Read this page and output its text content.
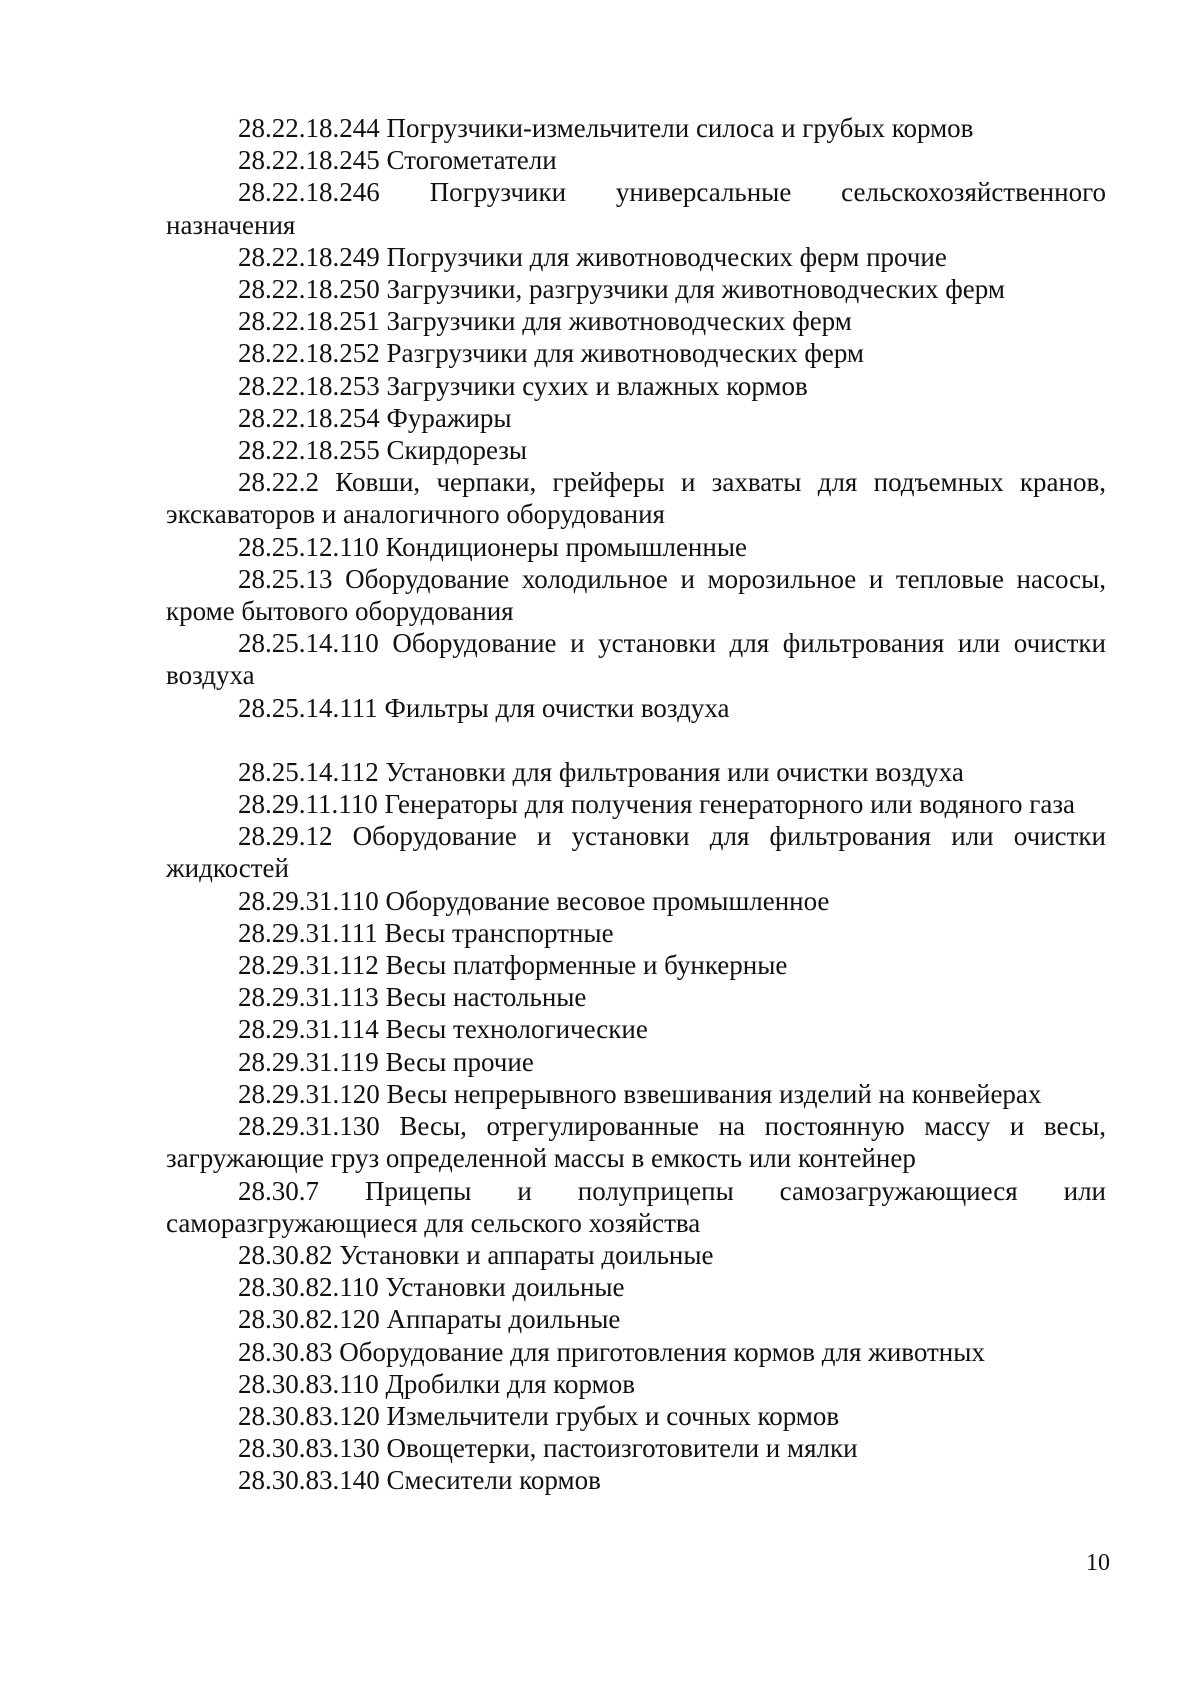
28.22.18.244 Погрузчики-измельчители силоса и грубых кормов

28.22.18.245 Стогометатели

28.22.18.246 Погрузчики универсальные сельскохозяйственного назначения

28.22.18.249 Погрузчики для животноводческих ферм прочие

28.22.18.250 Загрузчики, разгрузчики для животноводческих ферм

28.22.18.251 Загрузчики для животноводческих ферм

28.22.18.252 Разгрузчики для животноводческих ферм

28.22.18.253 Загрузчики сухих и влажных кормов

28.22.18.254 Фуражиры

28.22.18.255 Скирдорезы

28.22.2 Ковши, черпаки, грейферы и захваты для подъемных кранов, экскаваторов и аналогичного оборудования

28.25.12.110 Кондиционеры промышленные

28.25.13 Оборудование холодильное и морозильное и тепловые насосы, кроме бытового оборудования

28.25.14.110 Оборудование и установки для фильтрования или очистки воздуха

28.25.14.111 Фильтры для очистки воздуха

28.25.14.112 Установки для фильтрования или очистки воздуха

28.29.11.110 Генераторы для получения генераторного или водяного газа

28.29.12 Оборудование и установки для фильтрования или очистки жидкостей

28.29.31.110 Оборудование весовое промышленное

28.29.31.111 Весы транспортные

28.29.31.112 Весы платформенные и бункерные

28.29.31.113 Весы настольные

28.29.31.114 Весы технологические

28.29.31.119 Весы прочие

28.29.31.120 Весы непрерывного взвешивания изделий на конвейерах

28.29.31.130 Весы, отрегулированные на постоянную массу и весы, загружающие груз определенной массы в емкость или контейнер

28.30.7 Прицепы и полуприцепы самозагружающиеся или саморазгружающиеся для сельского хозяйства

28.30.82 Установки и аппараты доильные

28.30.82.110 Установки доильные

28.30.82.120 Аппараты доильные

28.30.83 Оборудование для приготовления кормов для животных

28.30.83.110 Дробилки для кормов

28.30.83.120 Измельчители грубых и сочных кормов

28.30.83.130 Овощетерки, пастоизготовители и мялки

28.30.83.140 Смесители кормов

10
